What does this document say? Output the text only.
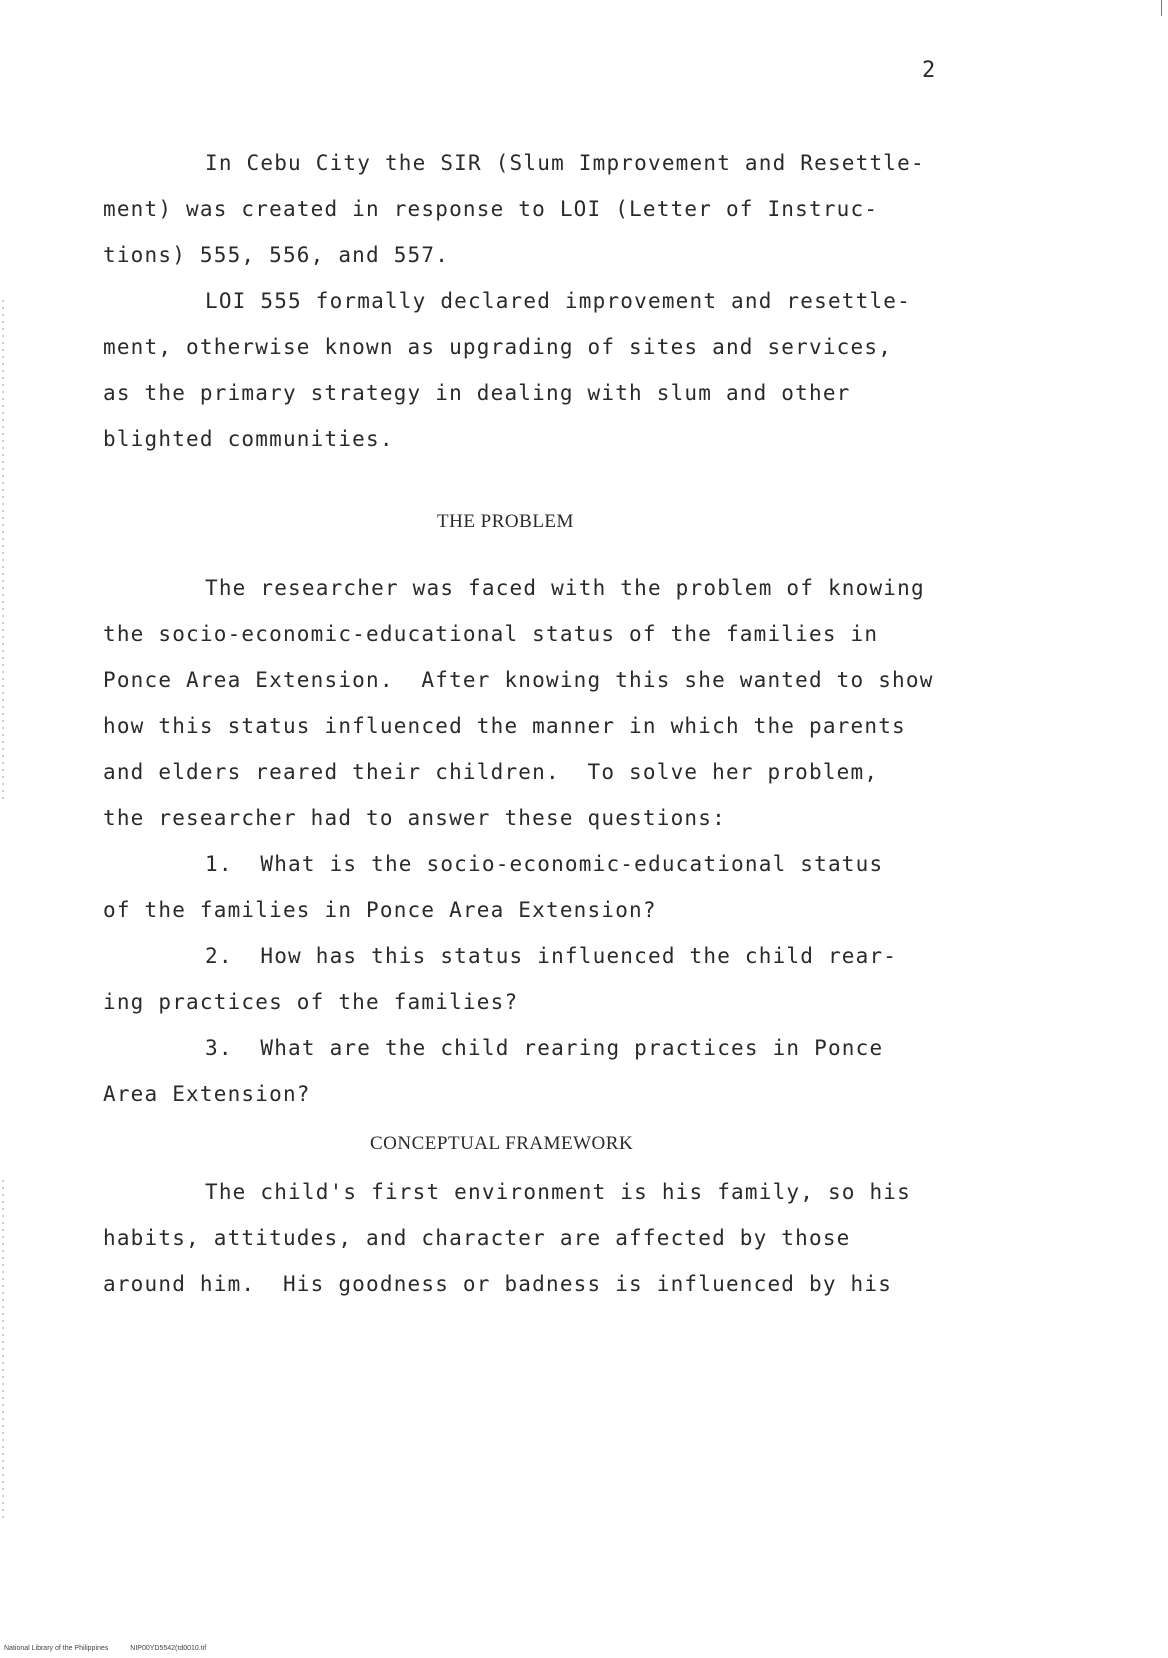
2
In Cebu City the SIR (Slum Improvement and Resettle-
ment) was created in response to LOI (Letter of Instruc-
tions) 555, 556, and 557.
LOI 555 formally declared improvement and resettle-
ment, otherwise known as upgrading of sites and services,
as the primary strategy in dealing with slum and other
blighted communities.
THE PROBLEM
The researcher was faced with the problem of knowing
the socio-economic-educational status of the families in
Ponce Area Extension.  After knowing this she wanted to show
how this status influenced the manner in which the parents
and elders reared their children.  To solve her problem,
the researcher had to answer these questions:
1.  What is the socio-economic-educational status
of the families in Ponce Area Extension?
2.  How has this status influenced the child rear-
ing practices of the families?
3.  What are the child rearing practices in Ponce
Area Extension?
CONCEPTUAL FRAMEWORK
The child's first environment is his family, so his
habits, attitudes, and character are affected by those
around him.  His goodness or badness is influenced by his
National Library of the Philippines	NIP00YD5542(td0010.tif
